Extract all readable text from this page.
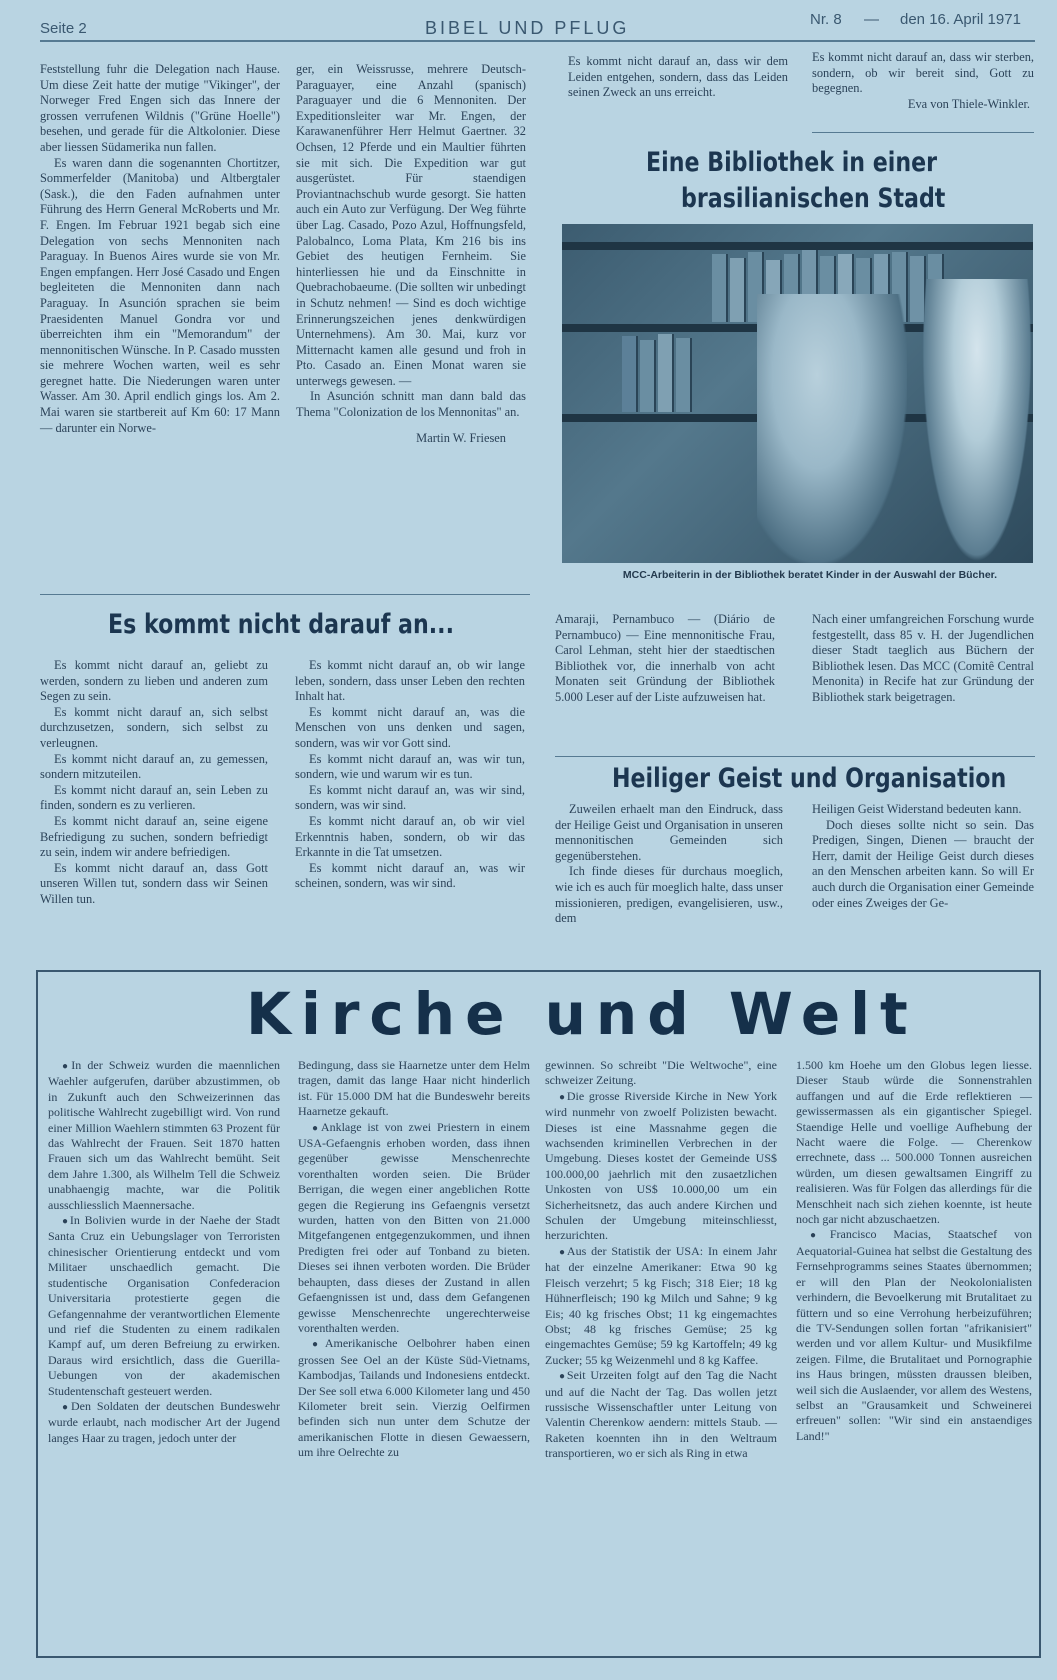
Seite 2	BIBEL UND PFLUG	Nr. 8 — den 16. April 1971

Feststellung fuhr die Delegation nach Hause. Um diese Zeit hatte der mutige "Vikinger", der Norweger Fred Engen sich das Innere der grossen verrufenen Wildnis ("Grüne Hoelle") besehen, und gerade für die Altkolonier. Diese aber liessen Südamerika nun fallen.

Es waren dann die sogenannten Chortitzer, Sommerfelder (Manitoba) und Altbergtaler (Sask.), die den Faden aufnahmen unter Führung des Herrn General McRoberts und Mr. F. Engen. Im Februar 1921 begab sich eine Delegation von sechs Mennoniten nach Paraguay. In Buenos Aires wurde sie von Mr. Engen empfangen. Herr José Casado und Engen begleiteten die Mennoniten dann nach Paraguay. In Asunción sprachen sie beim Praesidenten Manuel Gondra vor und überreichten ihm ein "Memorandum" der mennonitischen Wünsche. In P. Casado mussten sie mehrere Wochen warten, weil es sehr geregnet hatte. Die Niederungen waren unter Wasser. Am 30. April endlich gings los. Am 2. Mai waren sie startbereit auf Km 60: 17 Mann — darunter ein Norwe-

ger, ein Weissrusse, mehrere Deutsch-Paraguayer, eine Anzahl (spanisch) Paraguayer und die 6 Mennoniten. Der Expeditionsleiter war Mr. Engen, der Karawanenführer Herr Helmut Gaertner. 32 Ochsen, 12 Pferde und ein Maultier führten sie mit sich. Die Expedition war gut ausgerüstet. Für staendigen Proviantnachschub wurde gesorgt. Sie hatten auch ein Auto zur Verfügung. Der Weg führte über Lag. Casado, Pozo Azul, Hoffnungsfeld, Palobalnco, Loma Plata, Km 216 bis ins Gebiet des heutigen Fernheim. Sie hinterliessen hie und da Einschnitte in Quebrachobaeume. (Die sollten wir unbedingt in Schutz nehmen! — Sind es doch wichtige Erinnerungszeichen jenes denkwürdigen Unternehmens). Am 30. Mai, kurz vor Mitternacht kamen alle gesund und froh in Pto. Casado an. Einen Monat waren sie unterwegs gewesen. —

In Asunción schnitt man dann bald das Thema "Colonization de los Mennonitas" an.

Martin W. Friesen

Es kommt nicht darauf an, dass wir dem Leiden entgehen, sondern, dass das Leiden seinen Zweck an uns erreicht.

Es kommt nicht darauf an, dass wir sterben, sondern, ob wir bereit sind, Gott zu begegnen.

Eva von Thiele-Winkler.

Eine Bibliothek in einer
brasilianischen Stadt
MCC-Arbeiterin in der Bibliothek beratet Kinder in der Auswahl der Bücher.

Amaraji, Pernambuco — (Diário de Pernambuco) — Eine mennonitische Frau, Carol Lehman, steht hier der staedtischen Bibliothek vor, die innerhalb von acht Monaten seit Gründung der Bibliothek 5.000 Leser auf der Liste aufzuweisen hat.

Nach einer umfangreichen Forschung wurde festgestellt, dass 85 v. H. der Jugendlichen dieser Stadt taeglich aus Büchern der Bibliothek lesen. Das MCC (Comitê Central Menonita) in Recife hat zur Gründung der Bibliothek stark beigetragen.

Es kommt nicht darauf an...

Es kommt nicht darauf an, geliebt zu werden, sondern zu lieben und anderen zum Segen zu sein.

Es kommt nicht darauf an, sich selbst durchzusetzen, sondern, sich selbst zu verleugnen.

Es kommt nicht darauf an, zu gemessen, sondern mitzuteilen.

Es kommt nicht darauf an, sein Leben zu finden, sondern es zu verlieren.

Es kommt nicht darauf an, seine eigene Befriedigung zu suchen, sondern befriedigt zu sein, indem wir andere befriedigen.

Es kommt nicht darauf an, dass Gott unseren Willen tut, sondern dass wir Seinen Willen tun.

Es kommt nicht darauf an, ob wir lange leben, sondern, dass unser Leben den rechten Inhalt hat.

Es kommt nicht darauf an, was die Menschen von uns denken und sagen, sondern, was wir vor Gott sind.

Es kommt nicht darauf an, was wir tun, sondern, wie und warum wir es tun.

Es kommt nicht darauf an, was wir sind, sondern, was wir sind.

Es kommt nicht darauf an, ob wir viel Erkenntnis haben, sondern, ob wir das Erkannte in die Tat umsetzen.

Es kommt nicht darauf an, was wir scheinen, sondern, was wir sind.

Heiliger Geist und Organisation

Zuweilen erhaelt man den Eindruck, dass der Heilige Geist und Organisation in unseren mennonitischen Gemeinden sich gegenüberstehen.

Ich finde dieses für durchaus moeglich, wie ich es auch für moeglich halte, dass unser missionieren, predigen, evangelisieren, usw., dem

Heiligen Geist Widerstand bedeuten kann.

Doch dieses sollte nicht so sein. Das Predigen, Singen, Dienen — braucht der Herr, damit der Heilige Geist durch dieses an den Menschen arbeiten kann. So will Er auch durch die Organisation einer Gemeinde oder eines Zweiges der Ge-

Kirche und Welt

● In der Schweiz wurden die maennlichen Waehler aufgerufen, darüber abzustimmen, ob in Zukunft auch den Schweizerinnen das politische Wahlrecht zugebilligt wird. Von rund einer Million Waehlern stimmten 63 Prozent für das Wahlrecht der Frauen. Seit 1870 hatten Frauen sich um das Wahlrecht bemüht. Seit dem Jahre 1.300, als Wilhelm Tell die Schweiz unabhaengig machte, war die Politik ausschliesslich Maennersache.

● In Bolivien wurde in der Naehe der Stadt Santa Cruz ein Uebungslager von Terroristen chinesischer Orientierung entdeckt und vom Militaer unschaedlich gemacht. Die studentische Organisation Confederacion Universitaria protestierte gegen die Gefangennahme der verantwortlichen Elemente und rief die Studenten zu einem radikalen Kampf auf, um deren Befreiung zu erwirken. Daraus wird ersichtlich, dass die Guerilla-Uebungen von der akademischen Studentenschaft gesteuert werden.

● Den Soldaten der deutschen Bundeswehr wurde erlaubt, nach modischer Art der Jugend langes Haar zu tragen, jedoch unter der

Bedingung, dass sie Haarnetze unter dem Helm tragen, damit das lange Haar nicht hinderlich ist. Für 15.000 DM hat die Bundeswehr bereits Haarnetze gekauft.

● Anklage ist von zwei Priestern in einem USA-Gefaengnis erhoben worden, dass ihnen gegenüber gewisse Menschenrechte vorenthalten worden seien. Die Brüder Berrigan, die wegen einer angeblichen Rotte gegen die Regierung ins Gefaengnis versetzt wurden, hatten von den Bitten von 21.000 Mitgefangenen entgegenzukommen, und ihnen Predigten frei oder auf Tonband zu bieten. Dieses sei ihnen verboten worden. Die Brüder behaupten, dass dieses der Zustand in allen Gefaengnissen ist und, dass dem Gefangenen gewisse Menschenrechte ungerechterweise vorenthalten werden.

● Amerikanische Oelbohrer haben einen grossen See Oel an der Küste Süd-Vietnams, Kambodjas, Tailands und Indonesiens entdeckt. Der See soll etwa 6.000 Kilometer lang und 450 Kilometer breit sein. Vierzig Oelfirmen befinden sich nun unter dem Schutze der amerikanischen Flotte in diesen Gewaessern, um ihre Oelrechte zu

gewinnen. So schreibt "Die Weltwoche", eine schweizer Zeitung.

● Die grosse Riverside Kirche in New York wird nunmehr von zwoelf Polizisten bewacht. Dieses ist eine Massnahme gegen die wachsenden kriminellen Verbrechen in der Umgebung. Dieses kostet der Gemeinde US$ 100.000,00 jaehrlich mit den zusaetzlichen Unkosten von US$ 10.000,00 um ein Sicherheitsnetz, das auch andere Kirchen und Schulen der Umgebung miteinschliesst, herzurichten.

● Aus der Statistik der USA: In einem Jahr hat der einzelne Amerikaner: Etwa 90 kg Fleisch verzehrt; 5 kg Fisch; 318 Eier; 18 kg Hühnerfleisch; 190 kg Milch und Sahne; 9 kg Eis; 40 kg frisches Obst; 11 kg eingemachtes Obst; 48 kg frisches Gemüse; 25 kg eingemachtes Gemüse; 59 kg Kartoffeln; 49 kg Zucker; 55 kg Weizenmehl und 8 kg Kaffee.

● Seit Urzeiten folgt auf den Tag die Nacht und auf die Nacht der Tag. Das wollen jetzt russische Wissenschaftler unter Leitung von Valentin Cherenkow aendern: mittels Staub. — Raketen koennten ihn in den Weltraum transportieren, wo er sich als Ring in etwa

1.500 km Hoehe um den Globus legen liesse. Dieser Staub würde die Sonnenstrahlen auffangen und auf die Erde reflektieren — gewissermassen als ein gigantischer Spiegel. Staendige Helle und voellige Aufhebung der Nacht waere die Folge. — Cherenkow errechnete, dass ... 500.000 Tonnen ausreichen würden, um diesen gewaltsamen Eingriff zu realisieren. Was für Folgen das allerdings für die Menschheit nach sich ziehen koennte, ist heute noch gar nicht abzuschaetzen.

● Francisco Macias, Staatschef von Aequatorial-Guinea hat selbst die Gestaltung des Fernsehprogramms seines Staates übernommen; er will den Plan der Neokolonialisten verhindern, die Bevoelkerung mit Brutalitaet zu füttern und so eine Verrohung herbeizuführen; die TV-Sendungen sollen fortan "afrikanisiert" werden und vor allem Kultur- und Musikfilme zeigen. Filme, die Brutalitaet und Pornographie ins Haus bringen, müssten draussen bleiben, weil sich die Auslaender, vor allem des Westens, selbst an "Grausamkeit und Schweinerei erfreuen" sollen: "Wir sind ein anstaendiges Land!"
